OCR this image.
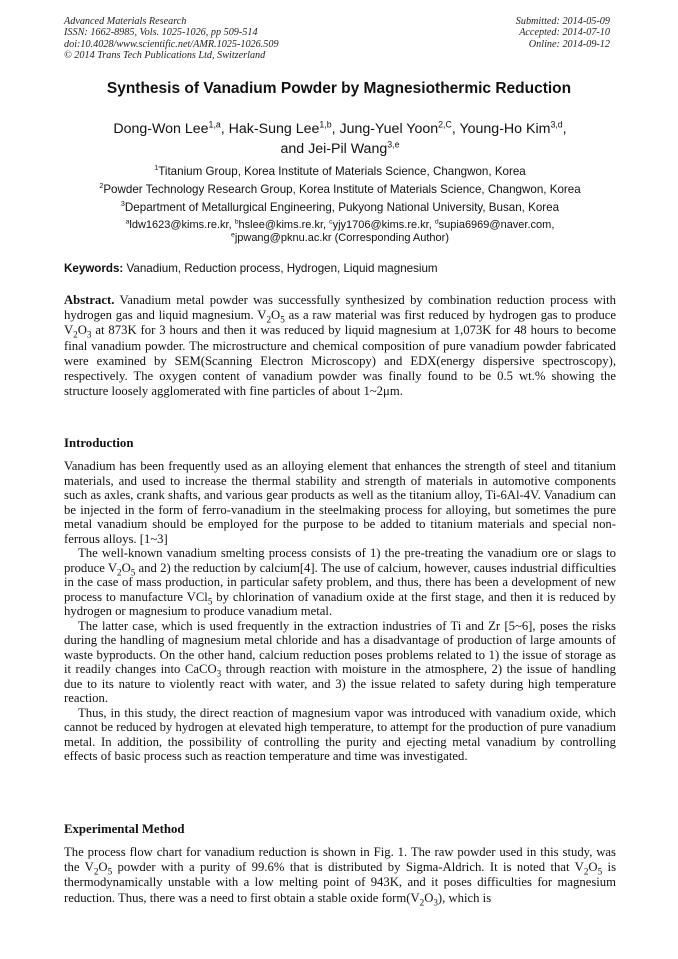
Advanced Materials Research
ISSN: 1662-8985, Vols. 1025-1026, pp 509-514
doi:10.4028/www.scientific.net/AMR.1025-1026.509
© 2014 Trans Tech Publications Ltd, Switzerland
Submitted: 2014-05-09
Accepted: 2014-07-10
Online: 2014-09-12
Synthesis of Vanadium Powder by Magnesiothermic Reduction
Dong-Won Lee$^{1,a}$, Hak-Sung Lee$^{1,b}$, Jung-Yuel Yoon$^{2,C}$, Young-Ho Kim$^{3,d}$,
and Jei-Pil Wang$^{3,e}$
$^1$Titanium Group, Korea Institute of Materials Science, Changwon, Korea
$^2$Powder Technology Research Group, Korea Institute of Materials Science, Changwon, Korea
$^3$Department of Metallurgical Engineering, Pukyong National University, Busan, Korea
$^a$ldw1623@kims.re.kr, $^b$hslee@kims.re.kr, $^c$yjy1706@kims.re.kr, $^d$supia6969@naver.com,
$^e$jpwang@pknu.ac.kr (Corresponding Author)
Keywords: Vanadium, Reduction process, Hydrogen, Liquid magnesium
Abstract. Vanadium metal powder was successfully synthesized by combination reduction process with hydrogen gas and liquid magnesium. $V_2O_5$ as a raw material was first reduced by hydrogen gas to produce $V_2O_3$ at 873K for 3 hours and then it was reduced by liquid magnesium at 1,073K for 48 hours to become final vanadium powder. The microstructure and chemical composition of pure vanadium powder fabricated were examined by SEM(Scanning Electron Microscopy) and EDX(energy dispersive spectroscopy), respectively. The oxygen content of vanadium powder was finally found to be 0.5 wt.% showing the structure loosely agglomerated with fine particles of about 1~2μm.
Introduction

Vanadium has been frequently used as an alloying element that enhances the strength of steel and titanium materials, and used to increase the thermal stability and strength of materials in automotive components such as axles, crank shafts, and various gear products as well as the titanium alloy, Ti-6Al-4V. Vanadium can be injected in the form of ferro-vanadium in the steelmaking process for alloying, but sometimes the pure metal vanadium should be employed for the purpose to be added to titanium materials and special non-ferrous alloys. [1~3]

The well-known vanadium smelting process consists of 1) the pre-treating the vanadium ore or slags to produce $V_2O_5$ and 2) the reduction by calcium[4]. The use of calcium, however, causes industrial difficulties in the case of mass production, in particular safety problem, and thus, there has been a development of new process to manufacture VCl$_5$ by chlorination of vanadium oxide at the first stage, and then it is reduced by hydrogen or magnesium to produce vanadium metal.

The latter case, which is used frequently in the extraction industries of Ti and Zr [5~6], poses the risks during the handling of magnesium metal chloride and has a disadvantage of production of large amounts of waste byproducts. On the other hand, calcium reduction poses problems related to 1) the issue of storage as it readily changes into CaCO$_3$ through reaction with moisture in the atmosphere, 2) the issue of handling due to its nature to violently react with water, and 3) the issue related to safety during high temperature reaction.

Thus, in this study, the direct reaction of magnesium vapor was introduced with vanadium oxide, which cannot be reduced by hydrogen at elevated high temperature, to attempt for the production of pure vanadium metal. In addition, the possibility of controlling the purity and ejecting metal vanadium by controlling effects of basic process such as reaction temperature and time was investigated.

Experimental Method

The process flow chart for vanadium reduction is shown in Fig. 1. The raw powder used in this study, was the $V_2O_5$ powder with a purity of 99.6% that is distributed by Sigma-Aldrich. It is noted that $V_2O_5$ is thermodynamically unstable with a low melting point of 943K, and it poses difficulties for magnesium reduction. Thus, there was a need to first obtain a stable oxide $form(V_2O_3)$, which is
